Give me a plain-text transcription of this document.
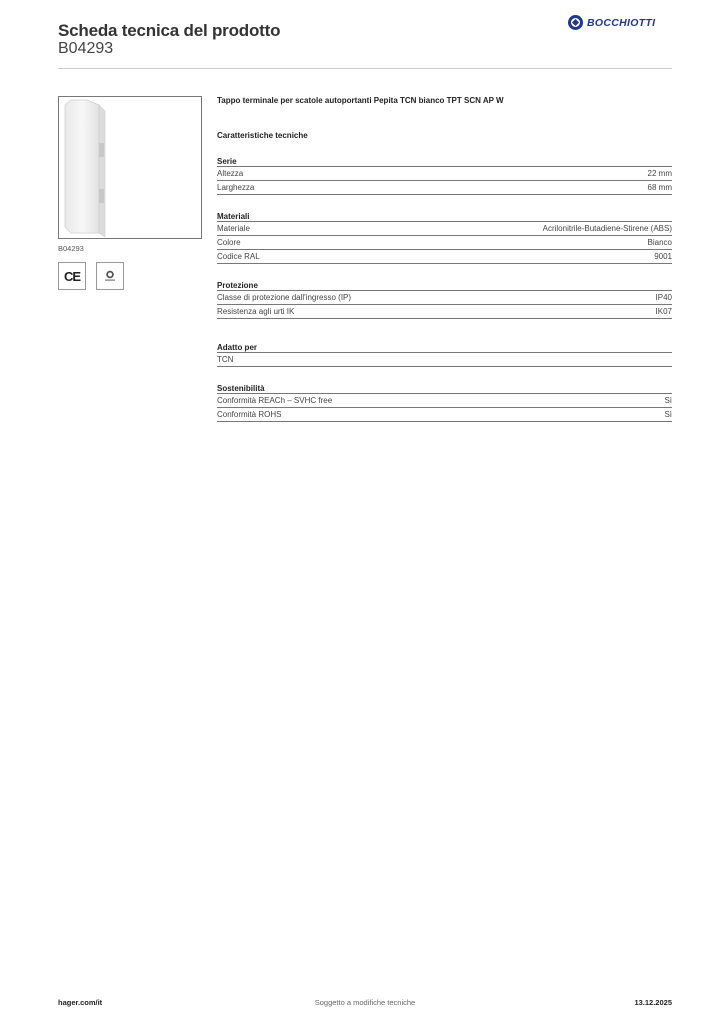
Scheda tecnica del prodotto
B04293
BOCCHIOTTI
B04293
CE
Tappo terminale per scatole autoportanti Pepita TCN bianco TPT SCN AP W
Caratteristiche tecniche
Serie
Altezza	22 mm
Larghezza	68 mm
Materiali
Materiale	Acrilonitrile-Butadiene-Stirene (ABS)
Colore	Bianco
Codice RAL	9001
Protezione
Classe di protezione dall'ingresso (IP)	IP40
Resistenza agli urti IK	IK07
Adatto per
TCN
Sostenibilità
Conformità REACh – SVHC free	Sì
Conformità ROHS	Sì
hager.com/it	Soggetto a modifiche tecniche	13.12.2025
